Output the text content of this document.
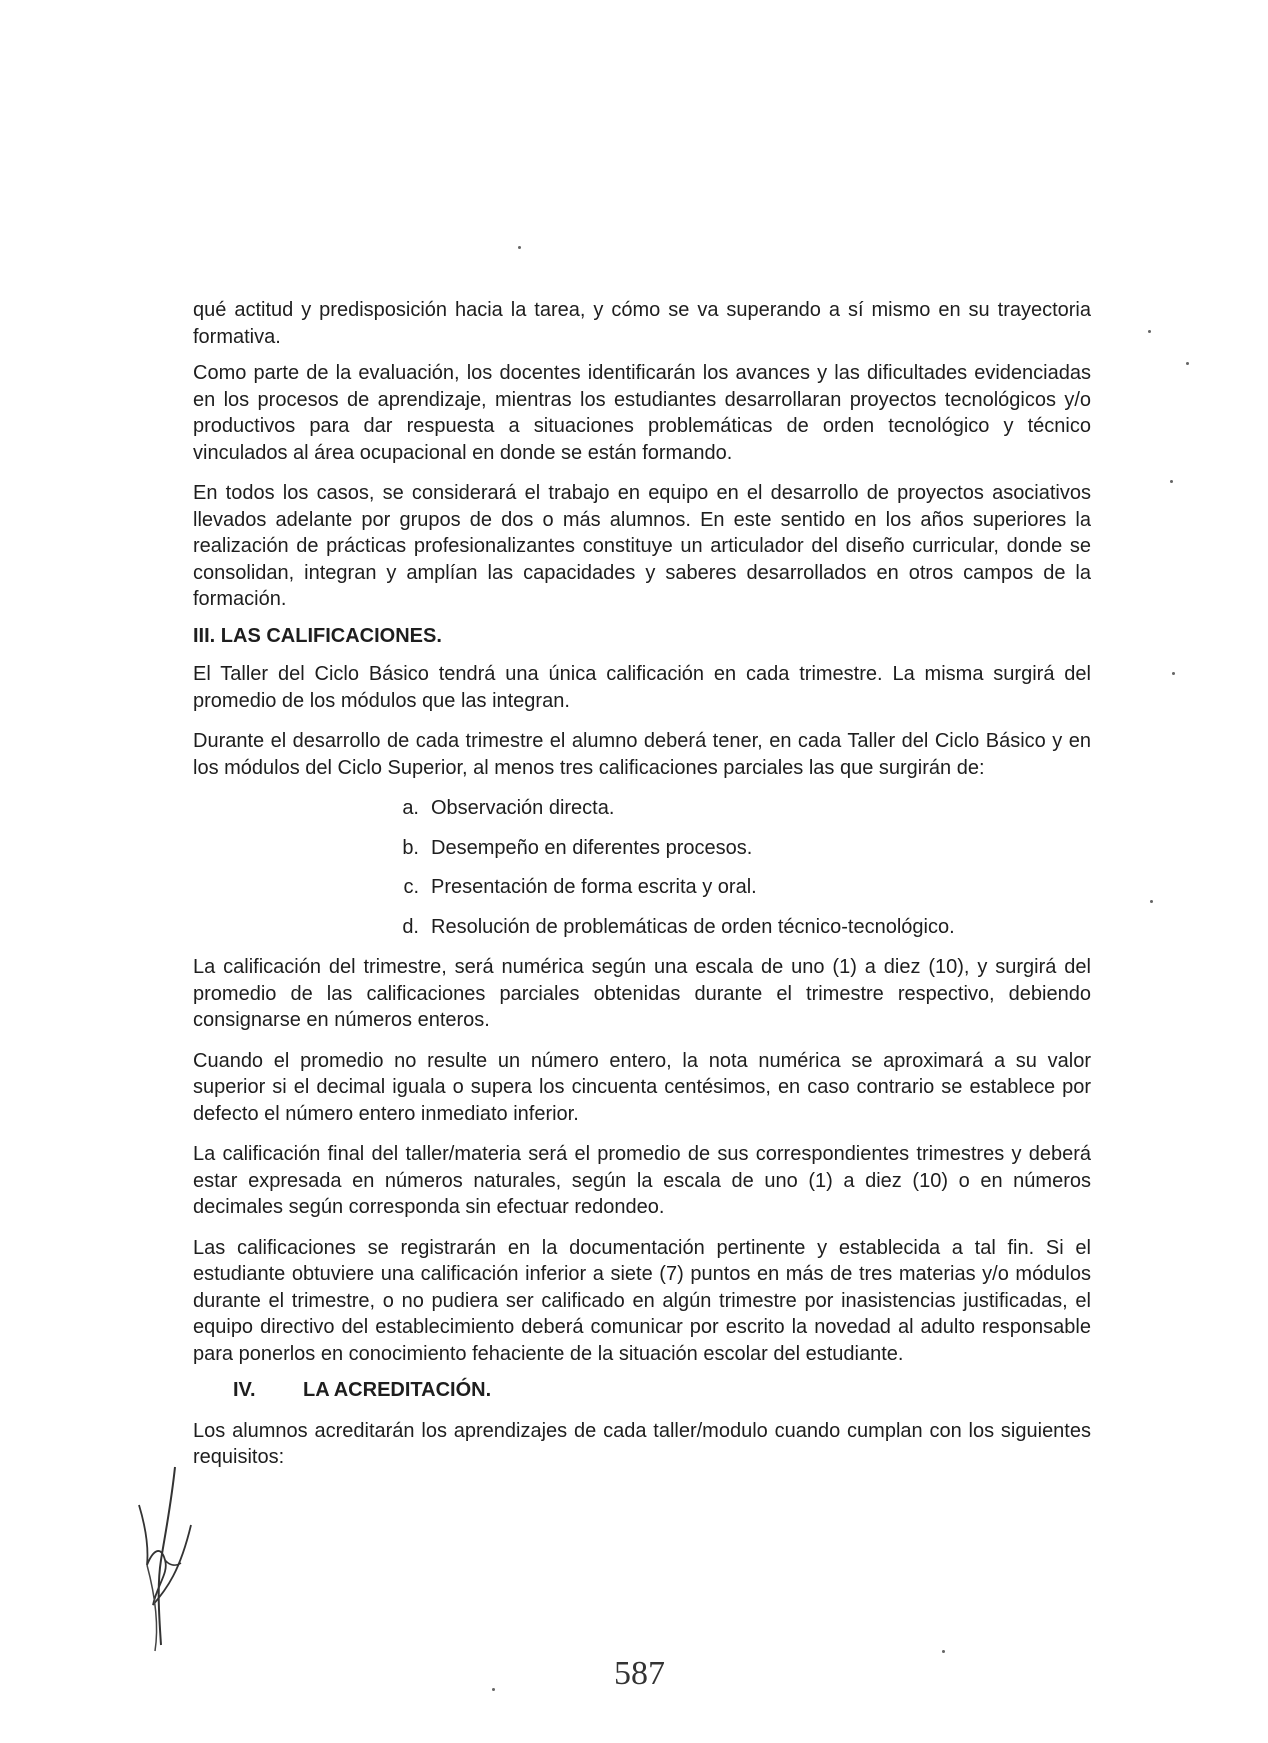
qué actitud y predisposición hacia la tarea, y cómo se va superando a sí mismo en su trayectoria formativa.

Como parte de la evaluación, los docentes identificarán los avances y las dificultades evidenciadas en los procesos de aprendizaje, mientras los estudiantes desarrollaran proyectos tecnológicos y/o productivos para dar respuesta a situaciones problemáticas de orden tecnológico y técnico vinculados al área ocupacional en donde se están formando.

En todos los casos, se considerará el trabajo en equipo en el desarrollo de proyectos asociativos llevados adelante por grupos de dos o más alumnos. En este sentido en los años superiores la realización de prácticas profesionalizantes constituye un articulador del diseño curricular, donde se consolidan, integran y amplían las capacidades y saberes desarrollados en otros campos de la formación.

III. LAS CALIFICACIONES.

El Taller del Ciclo Básico tendrá una única calificación en cada trimestre. La misma surgirá del promedio de los módulos que las integran.

Durante el desarrollo de cada trimestre el alumno deberá tener, en cada Taller del Ciclo Básico y en los módulos del Ciclo Superior, al menos tres calificaciones parciales las que surgirán de:

a. Observación directa.
b. Desempeño en diferentes procesos.
c. Presentación de forma escrita y oral.
d. Resolución de problemáticas de orden técnico-tecnológico.

La calificación del trimestre, será numérica según una escala de uno (1) a diez (10), y surgirá del promedio de las calificaciones parciales obtenidas durante el trimestre respectivo, debiendo consignarse en números enteros.

Cuando el promedio no resulte un número entero, la nota numérica se aproximará a su valor superior si el decimal iguala o supera los cincuenta centésimos, en caso contrario se establece por defecto el número entero inmediato inferior.

La calificación final del taller/materia será el promedio de sus correspondientes trimestres y deberá estar expresada en números naturales, según la escala de uno (1) a diez (10) o en números decimales según corresponda sin efectuar redondeo.

Las calificaciones se registrarán en la documentación pertinente y establecida a tal fin. Si el estudiante obtuviere una calificación inferior a siete (7) puntos en más de tres materias y/o módulos durante el trimestre, o no pudiera ser calificado en algún trimestre por inasistencias justificadas, el equipo directivo del establecimiento deberá comunicar por escrito la novedad al adulto responsable para ponerlos en conocimiento fehaciente de la situación escolar del estudiante.

IV.	LA ACREDITACIÓN.

Los alumnos acreditarán los aprendizajes de cada taller/modulo cuando cumplan con los siguientes requisitos:

587
